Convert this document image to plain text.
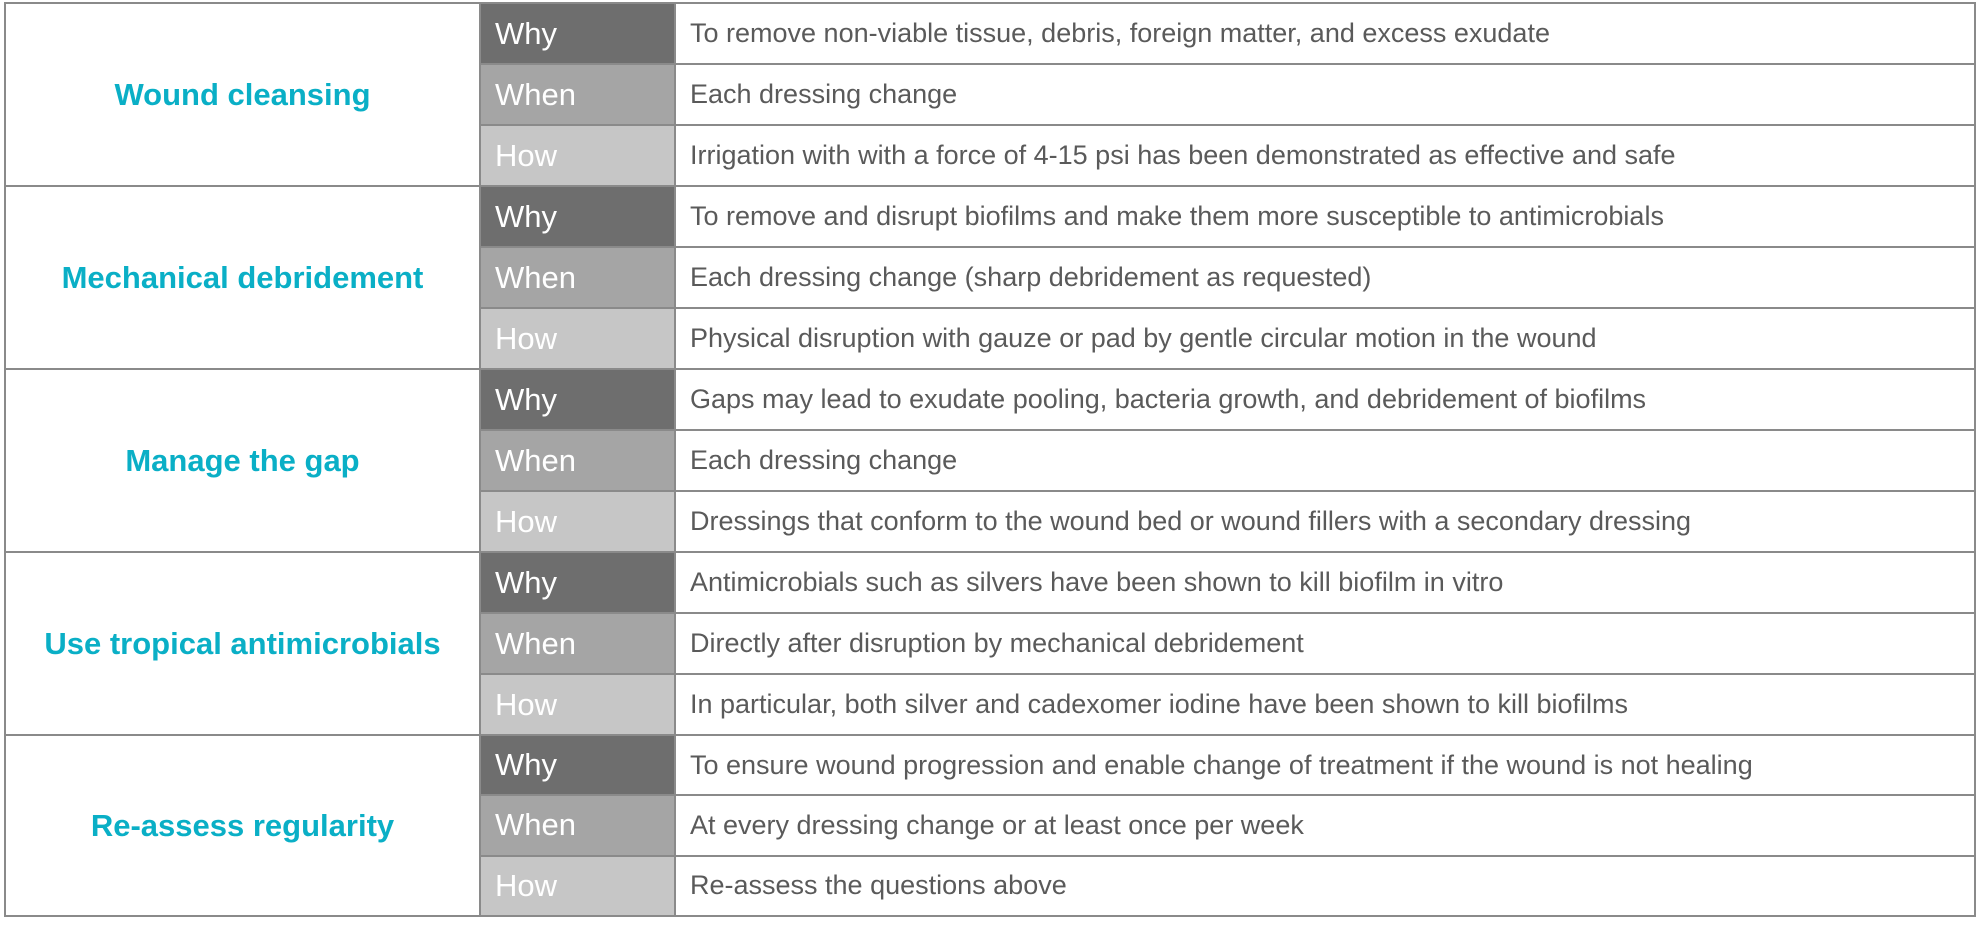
Wound cleansing
Why	To remove non-viable tissue, debris, foreign matter, and excess exudate
When	Each dressing change
How	Irrigation with with a force of 4-15 psi has been demonstrated as effective and safe
Mechanical debridement
Why	To remove and disrupt biofilms and make them more susceptible to antimicrobials
When	Each dressing change (sharp debridement as requested)
How	Physical disruption with gauze or pad by gentle circular motion in the wound
Manage the gap
Why	Gaps may lead to exudate pooling, bacteria growth, and debridement of biofilms
When	Each dressing change
How	Dressings that conform to the wound bed or wound fillers with a secondary dressing
Use tropical antimicrobials
Why	Antimicrobials such as silvers have been shown to kill biofilm in vitro
When	Directly after disruption by mechanical debridement
How	In particular, both silver and cadexomer iodine have been shown to kill biofilms
Re-assess regularity
Why	To ensure wound progression and enable change of treatment if the wound is not healing
When	At every dressing change or at least once per week
How	Re-assess the questions above
